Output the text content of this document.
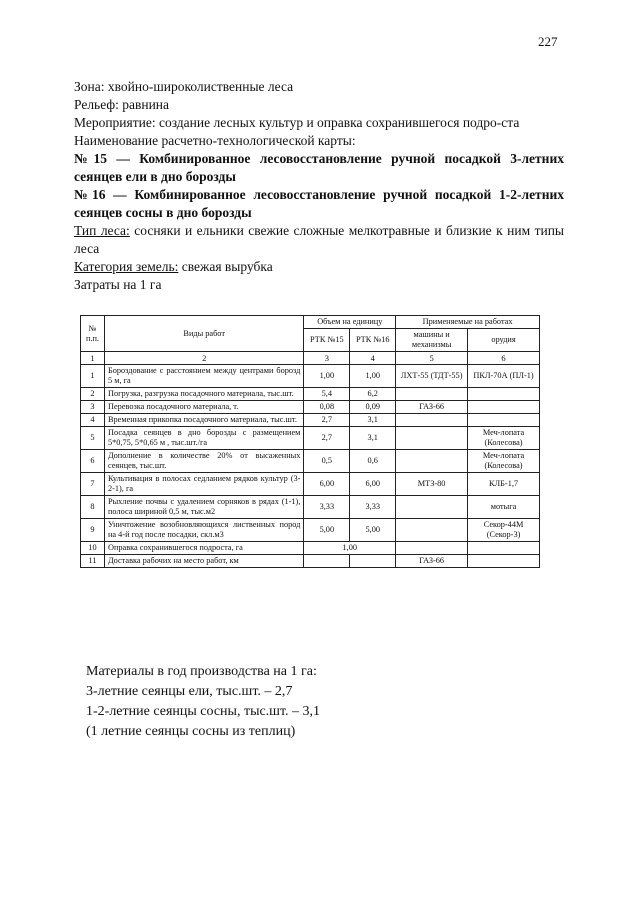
227

Зона: хвойно-широколиственные леса

Рельеф: равнина

Мероприятие: создание лесных культур и оправка сохранившегося подро-ста

Наименование расчетно-технологической карты:

№15 — Комбинированное лесовосстановление ручной посадкой 3-летних сеянцев ели в дно борозды

№16 — Комбинированное лесовосстановление ручной посадкой 1-2-летних сеянцев сосны в дно борозды

Тип леса: сосняки и ельники свежие сложные мелкотравные и близкие к ним типы леса

Категория земель: свежая вырубка

Затраты на 1 га

№ п.п.	Виды работ	Объем на единицу		Применяемые на работах	
		РТК №15	РТК №16	машины и механизмы	орудия
1	2	3	4	5	6
1	Бороздование с расстоянием между центрами борозд 5 м, га	1,00	1,00	ЛХТ-55 (ТДТ-55)	ПКЛ-70А (ПЛ-1)
2	Погрузка, разгрузка посадочного материала, тыс.шт.	5,4	6,2		
3	Перевозка посадочного материала, т.	0,08	0,09	ГАЗ-66	
4	Временная прикопка посадочного материала, тыс.шт.	2,7	3,1		
5	Посадка сеянцев в дно борозды с размещением 5*0,75, 5*0,65 м , тыс.шт./га	2,7	3,1		Меч-лопата (Колесова)
6	Дополнение в количестве 20% от высаженных сеянцев, тыс.шт.	0,5	0,6		Меч-лопата (Колесова)
7	Культивация в полосах седланием рядков культур (3-2-1), га	6,00	6,00	МТЗ-80	КЛБ-1,7
8	Рыхление почвы с удалением сорняков в рядах (1-1), полоса шириной 0,5 м, тыс.м2	3,33	3,33		мотыга
9	Уничтожение возобновляющихся лиственных пород на 4-й год после посадки, скл.м3	5,00	5,00		Секор-44М (Секор-3)
10	Оправка сохранившегося подроста, га	1,00			
11	Доставка рабочих на место работ, км			ГАЗ-66	

Материалы в год производства на 1 га:

3-летние сеянцы ели, тыс.шт. – 2,7

1-2-летние сеянцы сосны, тыс.шт. – 3,1

(1 летние сеянцы сосны из теплиц)
